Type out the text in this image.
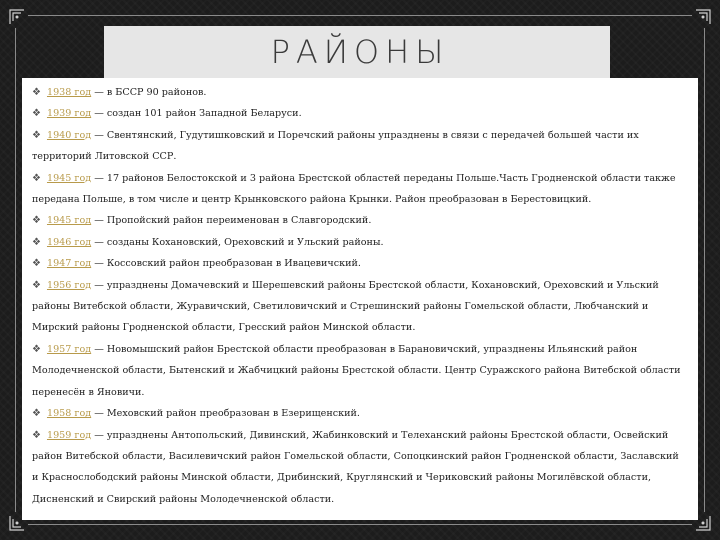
РАЙОНЫ
❖ 1938 год — в БССР 90 районов.
❖ 1939 год — создан 101 район Западной Беларуси.
❖ 1940 год — Свентянский, Гудутишковский и Поречский районы упразднены в связи с передачей большей части их территорий Литовской ССР.
❖ 1945 год — 17 районов Белостокской и 3 района Брестской областей переданы Польше.Часть Гродненской области также передана Польше, в том числе и центр Крынковского района Крынки. Район преобразован в Берестовицкий.
❖ 1945 год — Пропойский район переименован в Славгородский.
❖ 1946 год — созданы Кохановский, Ореховский и Ульский районы.
❖ 1947 год — Коссовский район преобразован в Ивацевичский.
❖ 1956 год — упразднены Домачевский и Шерешевский районы Брестской области, Кохановский, Ореховский и Ульский районы Витебской области, Журавичский, Светиловичский и Стрешинский районы Гомельской области, Любчанский и Мирский районы Гродненской области, Гресский район Минской области.
❖ 1957 год — Новомышский район Брестской области преобразован в Барановичский, упразднены Ильянский район Молодечненской области, Бытенский и Жабчицкий районы Брестской области. Центр Суражского района Витебской области перенесён в Яновичи.
❖ 1958 год — Меховский район преобразован в Езерищенский.
❖ 1959 год — упразднены Антопольский, Дивинский, Жабинковский и Телеханский районы Брестской области, Освейский район Витебской области, Василевичский район Гомельской области, Сопоцкинский район Гродненской области, Заславский и Краснослободский районы Минской области, Дрибинский, Круглянский и Чериковский районы Могилёвской области, Дисненский и Свирский районы Молодечненской области.
